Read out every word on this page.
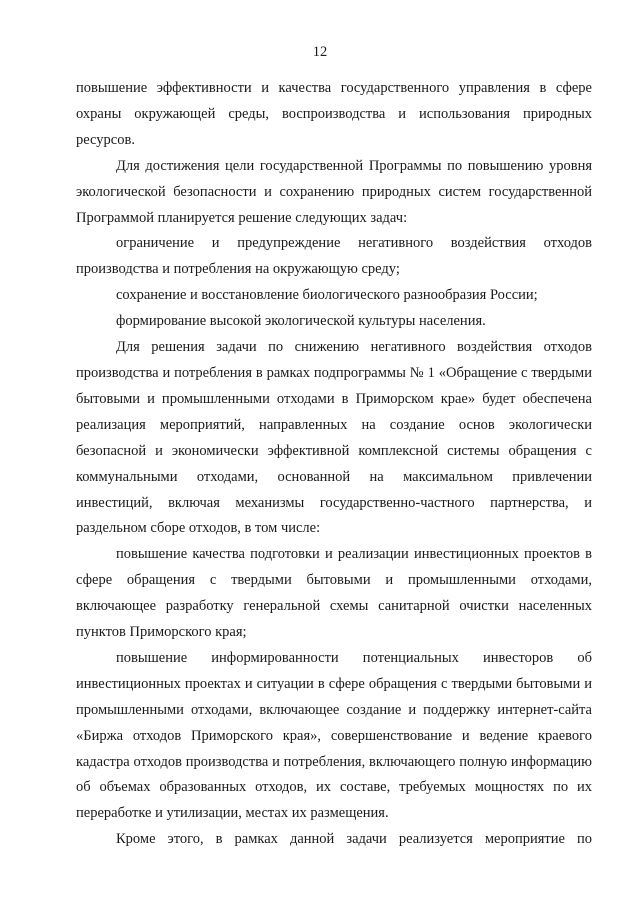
12

повышение эффективности и качества государственного управления в сфере охраны окружающей среды, воспроизводства и использования природных ресурсов.

Для достижения цели государственной Программы по повышению уровня экологической безопасности и сохранению природных систем государственной Программой планируется решение следующих задач:

ограничение и предупреждение негативного воздействия отходов производства и потребления на окружающую среду;

сохранение и восстановление биологического разнообразия России;

формирование высокой экологической культуры населения.

Для решения задачи по снижению негативного воздействия отходов производства и потребления в рамках подпрограммы № 1 «Обращение с твердыми бытовыми и промышленными отходами в Приморском крае» будет обеспечена реализация мероприятий, направленных на создание основ экологически безопасной и экономически эффективной комплексной системы обращения с коммунальными отходами, основанной на максимальном привлечении инвестиций, включая механизмы государственно-частного партнерства, и раздельном сборе отходов, в том числе:

повышение качества подготовки и реализации инвестиционных проектов в сфере обращения с твердыми бытовыми и промышленными отходами, включающее разработку генеральной схемы санитарной очистки населенных пунктов Приморского края;

повышение информированности потенциальных инвесторов об инвестиционных проектах и ситуации в сфере обращения с твердыми бытовыми и промышленными отходами, включающее создание и поддержку интернет-сайта «Биржа отходов Приморского края», совершенствование и ведение краевого кадастра отходов производства и потребления, включающего полную информацию об объемах образованных отходов, их составе, требуемых мощностях по их переработке и утилизации, местах их размещения.

Кроме этого, в рамках данной задачи реализуется мероприятие по
